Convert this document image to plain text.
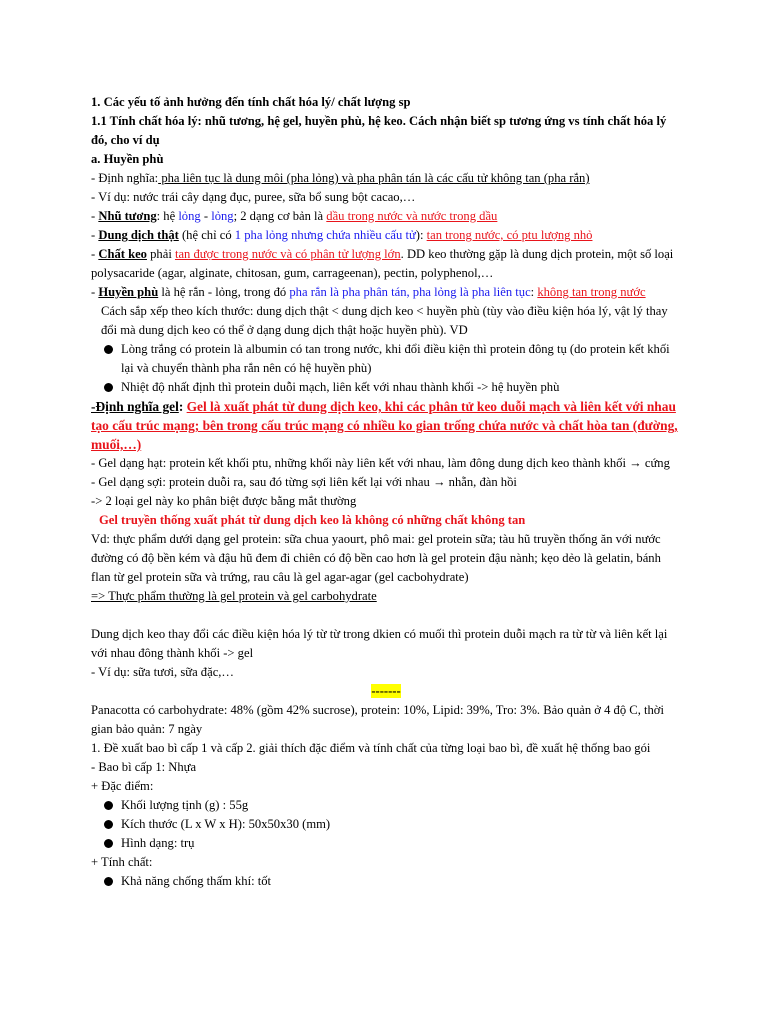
1. Các yếu tố ảnh hưởng đến tính chất hóa lý/ chất lượng sp
1.1 Tính chất hóa lý: nhũ tương, hệ gel, huyền phù, hệ keo. Cách nhận biết sp tương ứng vs tính chất hóa lý đó, cho ví dụ
a. Huyền phù
- Định nghĩa: pha liên tục là dung môi (pha lỏng) và pha phân tán là các cấu tử không tan (pha rắn)
- Ví dụ: nước trái cây dạng đục, puree, sữa bổ sung bột cacao,…
- Nhũ tương: hệ lỏng - lỏng; 2 dạng cơ bản là dầu trong nước và nước trong dầu
- Dung dịch thật (hệ chỉ có 1 pha lỏng nhưng chứa nhiều cấu tử): tan trong nước, có ptu lượng nhỏ
- Chất keo phải tan được trong nước và có phân tử lượng lớn. DD keo thường gặp là dung dịch protein, một số loại polysacaride (agar, alginate, chitosan, gum, carrageenan), pectin, polyphenol,…
- Huyền phù là hệ rắn - lỏng, trong đó pha rắn là pha phân tán, pha lỏng là pha liên tục: không tan trong nước
Cách sắp xếp theo kích thước: dung dịch thật < dung dịch keo < huyền phù (tùy vào điều kiện hóa lý, vật lý thay đổi mà dung dịch keo có thể ở dạng dung dịch thật hoặc huyền phù). VD
Lòng trắng có protein là albumin có tan trong nước, khi đổi điều kiện thì protein đông tụ (do protein kết khối lại và chuyển thành pha rắn nên có hệ huyền phù)
Nhiệt độ nhất định thì protein duỗi mạch, liên kết với nhau thành khối -> hệ huyền phù
-Định nghĩa gel: Gel là xuất phát từ dung dịch keo, khi các phân tử keo duỗi mạch và liên kết với nhau tạo cấu trúc mạng; bên trong cấu trúc mạng có nhiều ko gian trống chứa nước và chất hòa tan (đường, muối,…)
- Gel dạng hạt: protein kết khối ptu, những khối này liên kết với nhau, làm đông dung dịch keo thành khối → cứng
- Gel dạng sợi: protein duỗi ra, sau đó từng sợi liên kết lại với nhau → nhẵn, đàn hồi
-> 2 loại gel này ko phân biệt được bằng mắt thường
Gel truyền thống xuất phát từ dung dịch keo là không có những chất không tan
Vd: thực phẩm dưới dạng gel protein: sữa chua yaourt, phô mai: gel protein sữa; tàu hũ truyền thống ăn với nước đường có độ bền kém và đậu hũ đem đi chiên có độ bền cao hơn là gel protein đậu nành; kẹo dẻo là gelatin, bánh flan từ gel protein sữa và trứng, rau câu là gel agar-agar (gel cacbohydrate)
=> Thực phẩm thường là gel protein và gel carbohydrate
Dung dịch keo thay đổi các điều kiện hóa lý từ từ trong dkien có muối thì protein duỗi mạch ra từ từ và liên kết lại với nhau đông thành khối -> gel
- Ví dụ: sữa tươi, sữa đặc,…
-------
Panacotta có carbohydrate: 48% (gồm 42% sucrose), protein: 10%, Lipid: 39%, Tro: 3%. Bảo quản ở 4 độ C, thời gian bảo quản: 7 ngày
1. Đề xuất bao bì cấp 1 và cấp 2. giải thích đặc điểm và tính chất của từng loại bao bì, đề xuất hệ thống bao gói
- Bao bì cấp 1: Nhựa
+ Đặc điểm:
Khối lượng tịnh (g) : 55g
Kích thước (L x W x H): 50x50x30 (mm)
Hình dạng: trụ
+ Tính chất:
Khả năng chống thấm khí: tốt
